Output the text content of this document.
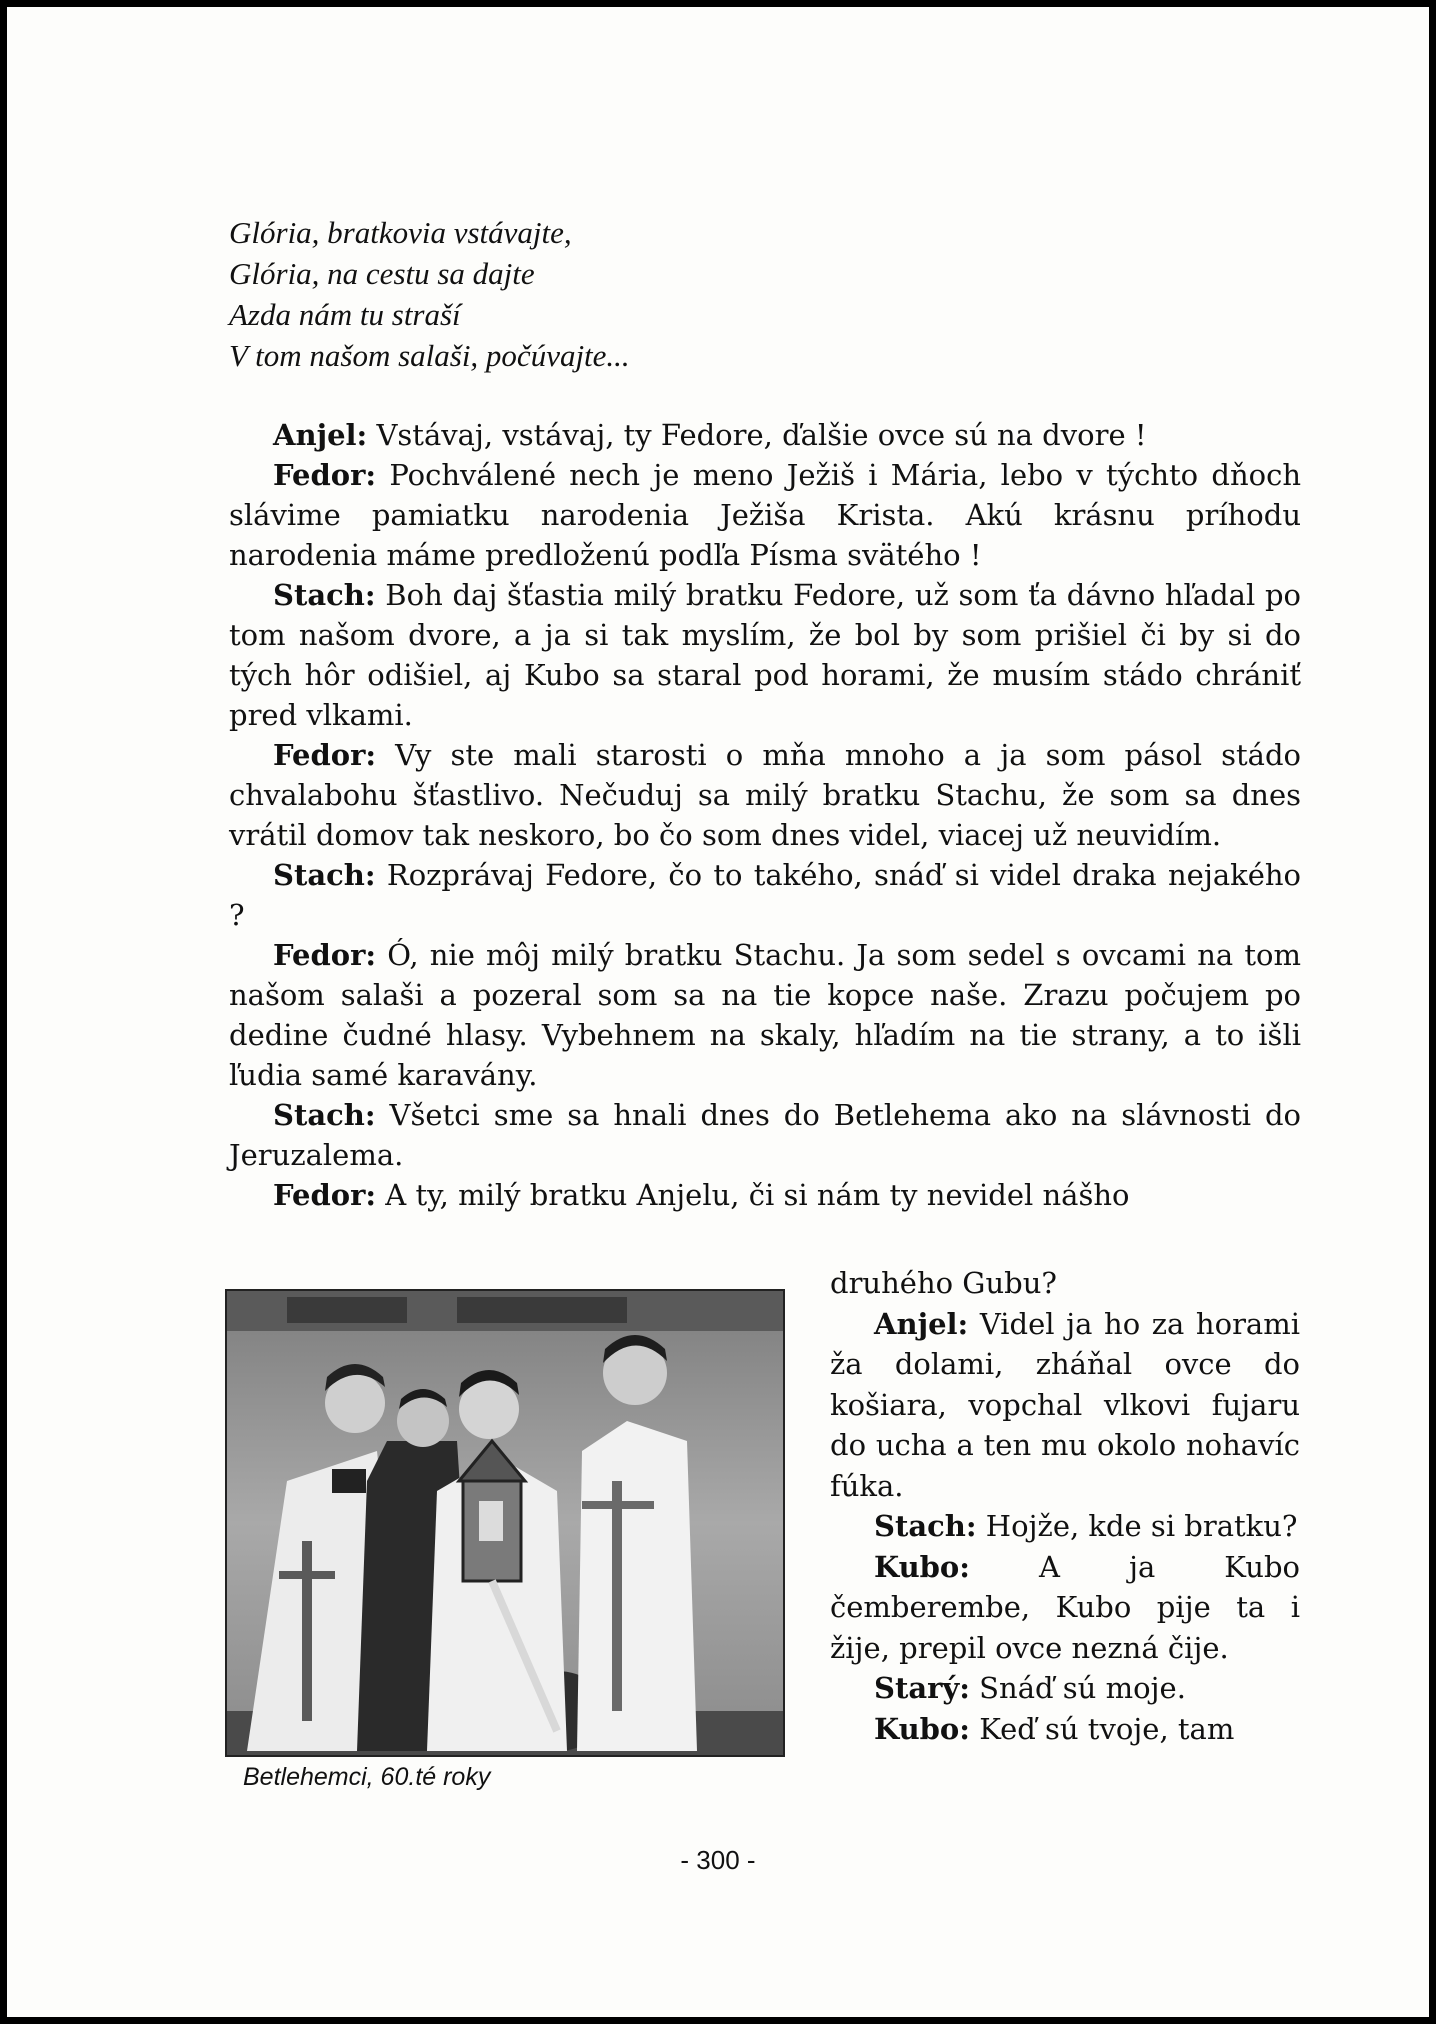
Glória, bratkovia vstávajte,
Glória, na cestu sa dajte
Azda nám tu straší
V tom našom salaši, počúvajte...

Anjel: Vstávaj, vstávaj, ty Fedore, ďalšie ovce sú na dvore !

Fedor: Pochválené nech je meno Ježiš i Mária, lebo v týchto dňoch slávime pamiatku narodenia Ježiša Krista. Akú krásnu príhodu narodenia máme predloženú podľa Písma svätého !

Stach: Boh daj šťastia milý bratku Fedore, už som ťa dávno hľadal po tom našom dvore, a ja si tak myslím, že bol by som prišiel či by si do tých hôr odišiel, aj Kubo sa staral pod horami, že musím stádo chrániť pred vlkami.

Fedor: Vy ste mali starosti o mňa mnoho a ja som pásol stádo chvalabohu šťastlivo. Nečuduj sa milý bratku Stachu, že som sa dnes vrátil domov tak neskoro, bo čo som dnes videl, viacej už neuvidím.

Stach: Rozprávaj Fedore, čo to takého, snáď si videl draka nejakého ?

Fedor: Ó, nie môj milý bratku Stachu. Ja som sedel s ovcami na tom našom salaši a pozeral som sa na tie kopce naše. Zrazu počujem po dedine čudné hlasy. Vybehnem na skaly, hľadím na tie strany, a to išli ľudia samé karavány.

Stach: Všetci sme sa hnali dnes do Betlehema ako na slávnosti do Jeruzalema.

Fedor: A ty, milý bratku Anjelu, či si nám ty nevidel nášho

druhého Gubu?

Anjel: Videl ja ho za horami ža dolami, zháňal ovce do košiara, vopchal vlkovi fujaru do ucha a ten mu okolo nohavíc fúka.

Stach: Hojže, kde si bratku?

Kubo: A ja Kubo čemberembe, Kubo pije ta i žije, prepil ovce nezná čije.

Starý: Snáď sú moje.

Kubo: Keď sú tvoje, tam

Betlehemci, 60.té roky
- 300 -
